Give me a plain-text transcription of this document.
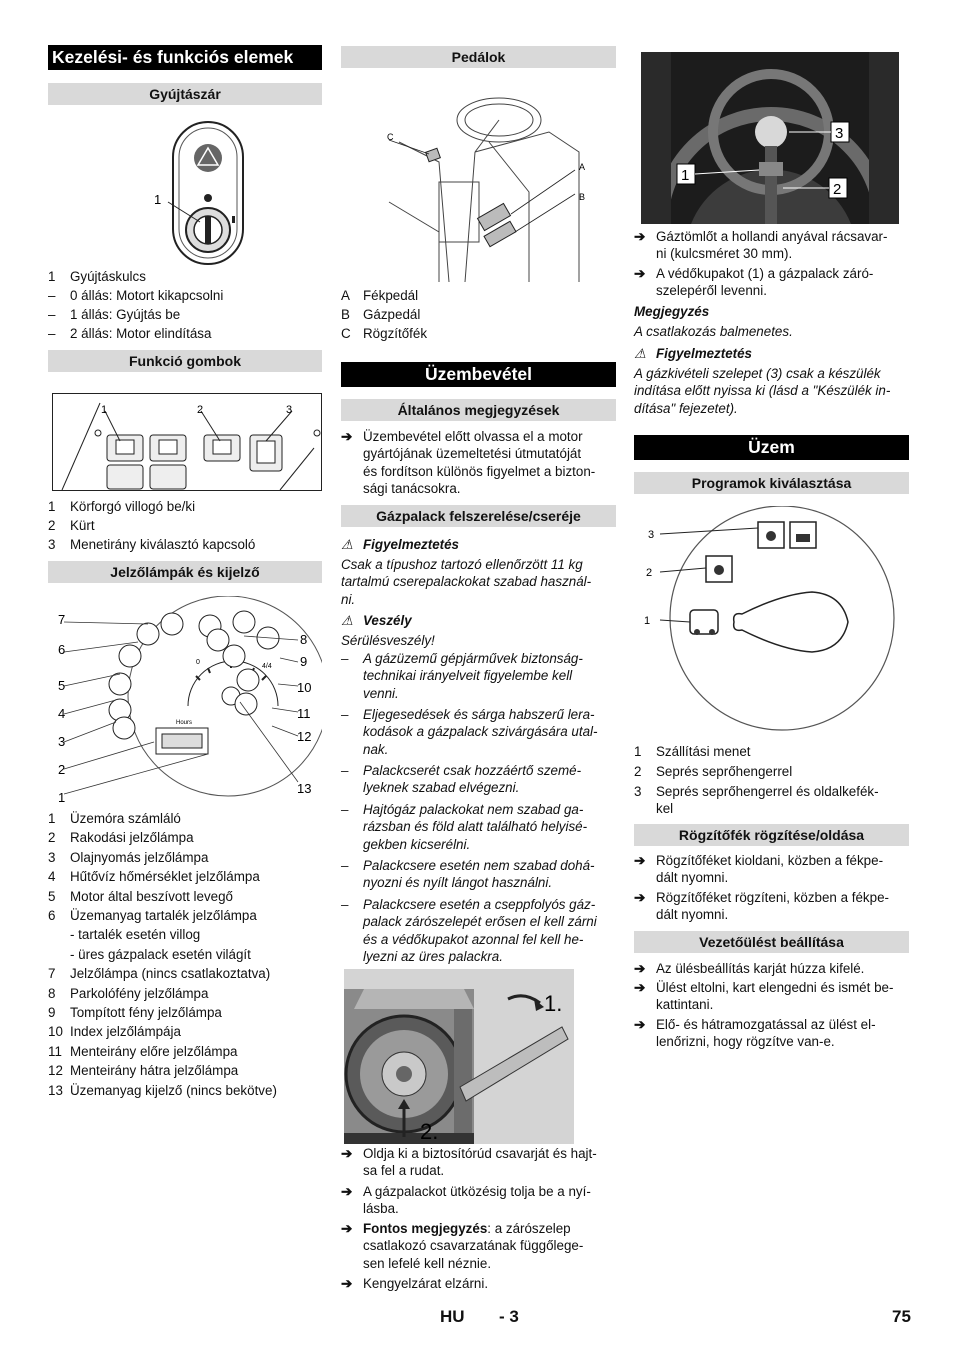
Kezelési- és funkciós elemek
Gyújtászár
1
1	Gyújtáskulcs
–	0 állás: Motort kikapcsolni
–	1 állás: Gyújtás be
–	2 állás: Motor elindítása
Funkció gombok
1	2	3
1	Körforgó villogó be/ki
2	Kürt
3	Menetirány kiválasztó kapcsoló
Jelzőlámpák és kijelző
4/4
0
Hours
7
6
5
4
3
2
1
8
9
10
11
12
13
1	Üzemóra számláló
2	Rakodási jelzőlámpa
3	Olajnyomás jelzőlámpa
4	Hűtővíz hőmérséklet jelzőlámpa
5	Motor által beszívott levegő
6	Üzemanyag tartalék jelzőlámpa
- tartalék esetén villog
- üres gázpalack esetén világít
7	Jelzőlámpa (nincs csatlakoztatva)
8	Parkolófény jelzőlámpa
9	Tompított fény jelzőlámpa
10 Index jelzőlámpája
11 Menteirány előre jelzőlámpa
12 Menteirány hátra jelzőlámpa
13 Üzemanyag kijelző (nincs bekötve)
Pedálok
C
A
B
A Fékpedál
B Gázpedál
C Rögzítőfék
Üzembevétel
Általános megjegyzések
➔ Üzembevétel előtt olvassa el a motor
gyártójának üzemeltetési útmutatóját
és fordítson különös figyelmet a bizton-
sági tanácsokra.
Gázpalack felszerelése/cseréje
⚠ Figyelmeztetés
Csak a típushoz tartozó ellenőrzött 11 kg
tartalmú cserepalackokat szabad használ-
ni.
⚠ Veszély
Sérülésveszély!
– A gázüzemű gépjárművek biztonság-
technikai irányelveit figyelembe kell
venni.
– Eljegesedések és sárga habszerű lera-
kodások a gázpalack szivárgására utal-
nak.
– Palackcserét csak hozzáértő szemé-
lyeknek szabad elvégezni.
– Hajtógáz palackokat nem szabad ga-
rázsban és föld alatt található helyisé-
gekben kicserélni.
– Palackcsere esetén nem szabad dohá-
nyozni és nyílt lángot használni.
– Palackcsere esetén a cseppfolyós gáz-
palack zárószelepét erősen el kell zárni
és a védőkupakot azonnal fel kell he-
lyezni az üres palackra.
1.
2.
➔ Oldja ki a biztosítórúd csavarját és hajt-
sa fel a rudat.
➔ A gázpalackot ütközésig tolja be a nyí-
lásba.
➔ Fontos megjegyzés: a zárószelep
csatlakozó csavarzatának függőlege-
sen lefelé kell néznie.
➔ Kengyelzárat elzárni.
3
2
1
➔ Gáztömlőt a hollandi anyával rácsavar-
ni (kulcsméret 30 mm).
➔ A védőkupakot (1) a gázpalack záró-
szelepéről levenni.
Megjegyzés
A csatlakozás balmenetes.
⚠ Figyelmeztetés
A gázkivételi szelepet (3) csak a készülék
indítása előtt nyissa ki (lásd a "Készülék in-
dítása" fejezetet).
Üzem
Programok kiválasztása
3
2
1
1	Szállítási menet
2	Seprés seprőhengerrel
3	Seprés seprőhengerrel és oldalkefék-
kel
Rögzítőfék rögzítése/oldása
➔ Rögzítőféket kioldani, közben a fékpe-
dált nyomni.
➔ Rögzítőféket rögzíteni, közben a fékpe-
dált nyomni.
Vezetőülést beállítása
➔ Az ülésbeállítás karját húzza kifelé.
➔ Ülést eltolni, kart elengedni és ismét be-
kattintani.
➔ Elő- és hátramozgatással az ülést el-
lenőrizni, hogy rögzítve van-e.
HU - 3	75
